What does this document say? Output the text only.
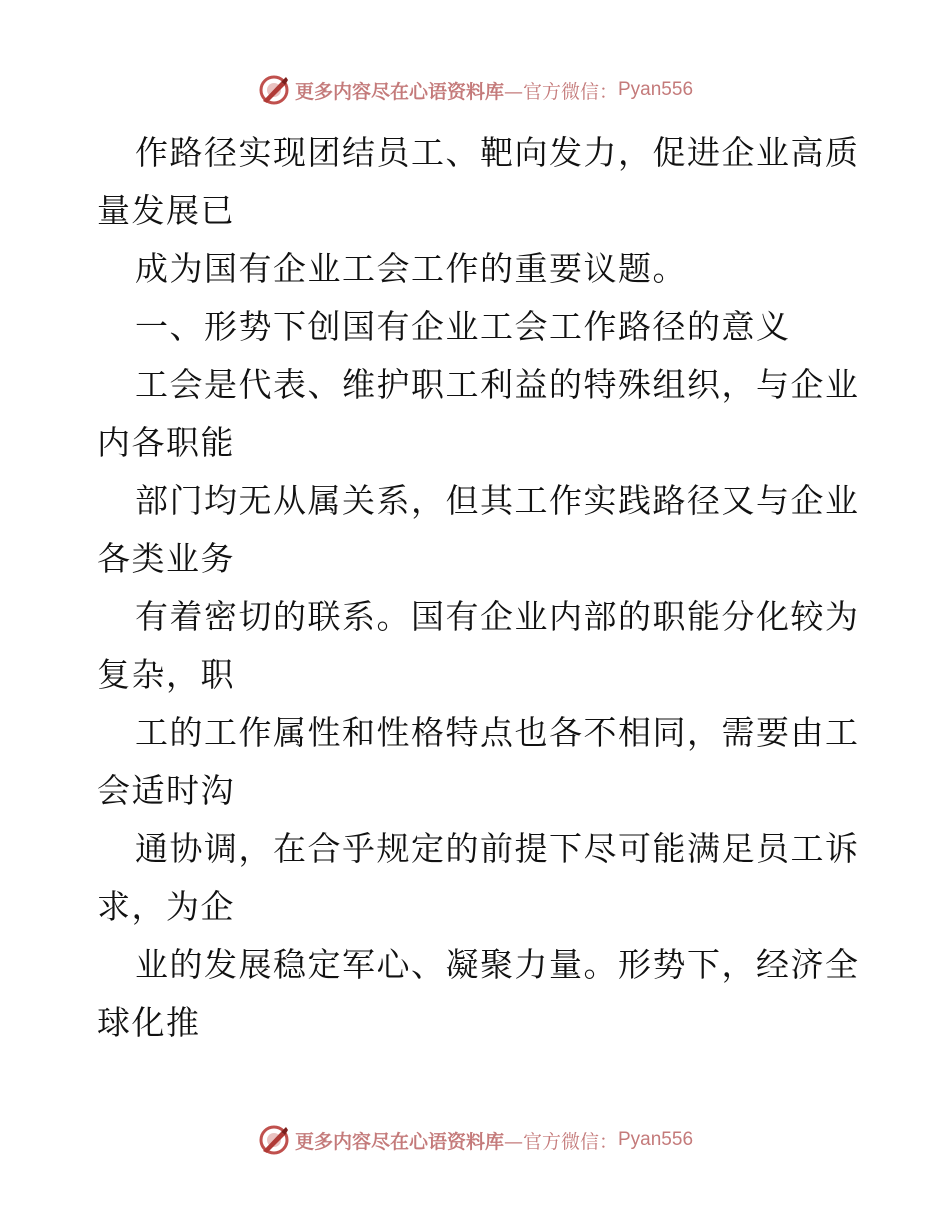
更多内容尽在心语资料库 —官方微信： Pyan556
作路径实现团结员工、靶向发力，促进企业高质
量发展已
成为国有企业工会工作的重要议题。
一、形势下创国有企业工会工作路径的意义
工会是代表、维护职工利益的特殊组织，与企业
内各职能
部门均无从属关系，但其工作实践路径又与企业
各类业务
有着密切的联系。国有企业内部的职能分化较为
复杂，职
工的工作属性和性格特点也各不相同，需要由工
会适时沟
通协调，在合乎规定的前提下尽可能满足员工诉
求，为企
业的发展稳定军心、凝聚力量。形势下，经济全
球化推
更多内容尽在心语资料库 —官方微信： Pyan556
